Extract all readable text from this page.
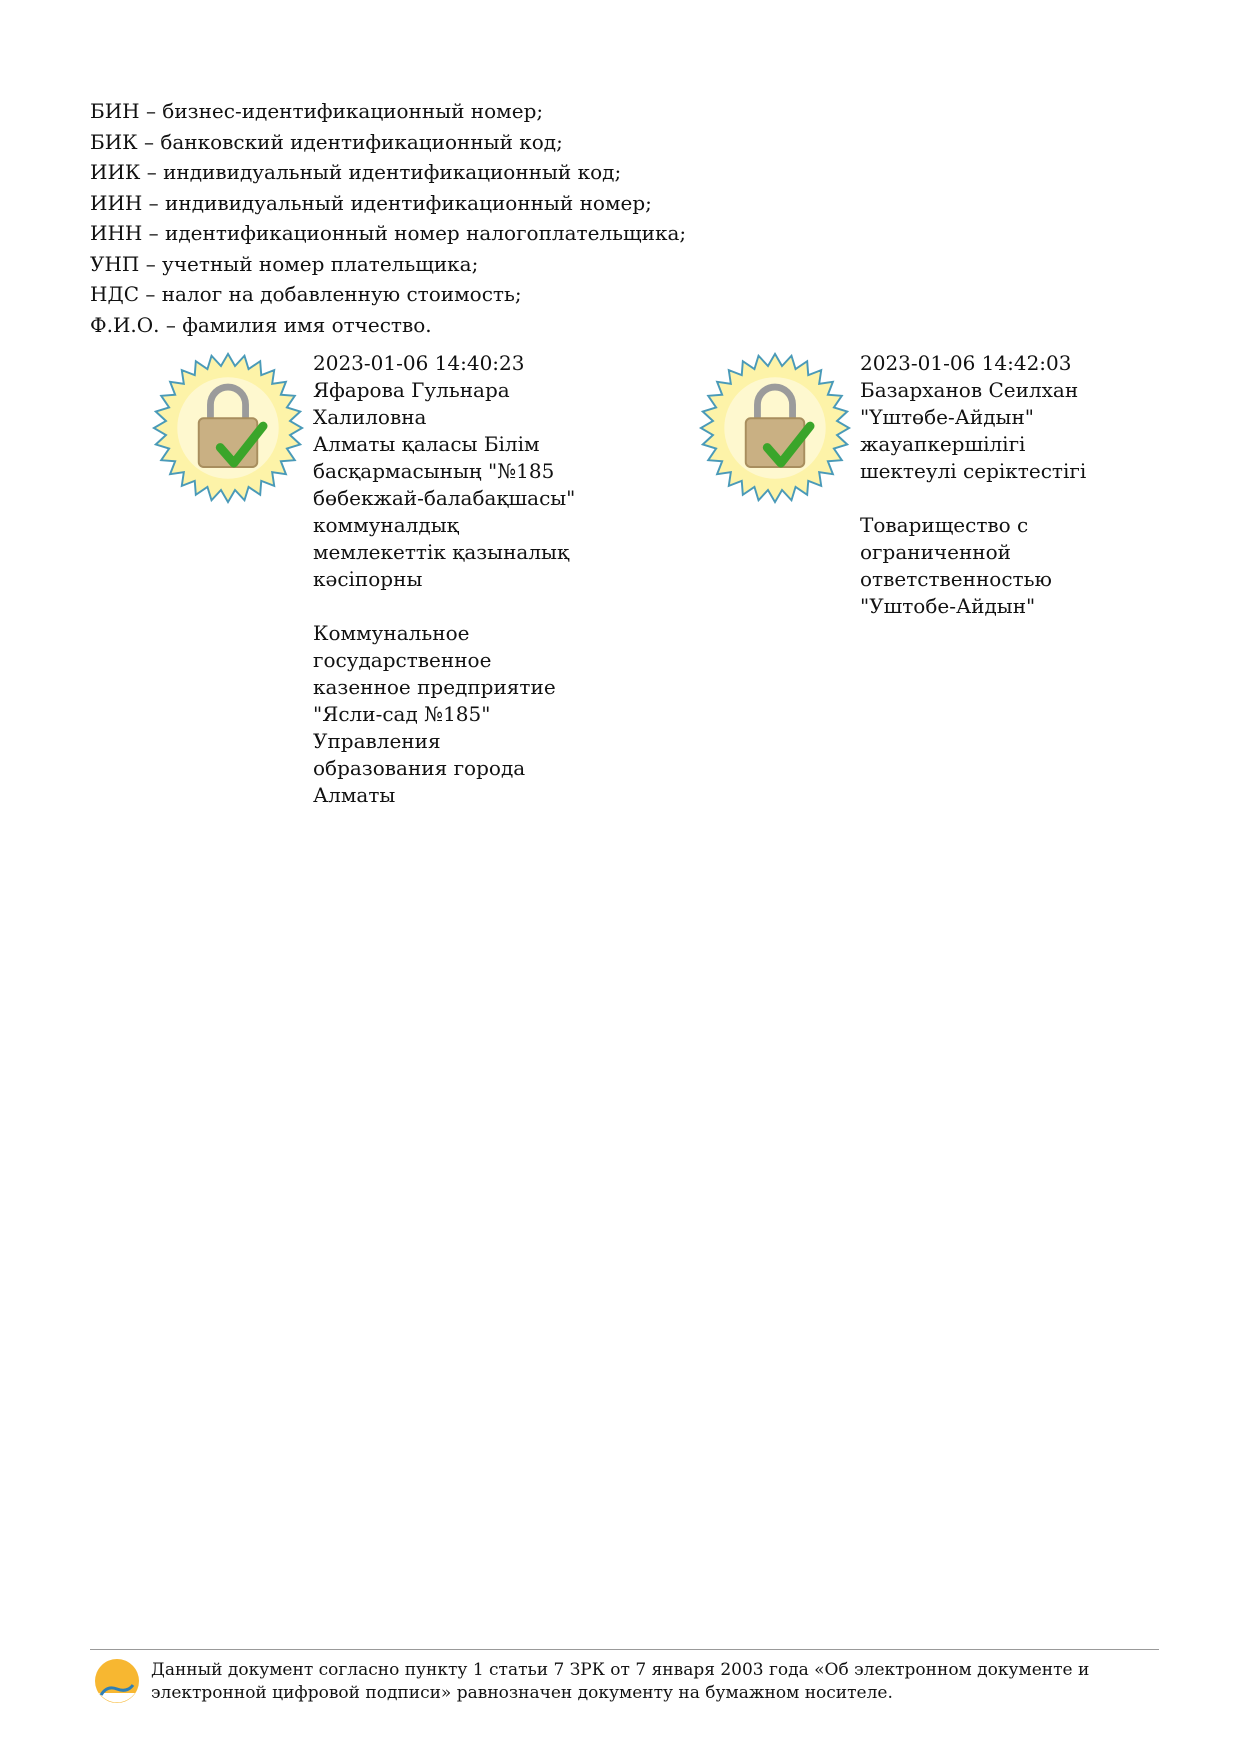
БИН – бизнес-идентификационный номер;
БИК – банковский идентификационный код;
ИИК – индивидуальный идентификационный код;
ИИН – индивидуальный идентификационный номер;
ИНН – идентификационный номер налогоплательщика;
УНП – учетный номер плательщика;
НДС – налог на добавленную стоимость;
Ф.И.О. – фамилия имя отчество.
2023-01-06 14:40:23
Яфарова Гульнара
Халиловна
Алматы қаласы Білім
басқармасының "№185
бөбекжай-балабақшасы"
коммуналдық
мемлекеттік қазыналық
кәсіпорны
Коммунальное
государственное
казенное предприятие
"Ясли-сад №185"
Управления
образования города
Алматы
2023-01-06 14:42:03
Базарханов Сеилхан
"Үштөбе-Айдын"
жауапкершілігі
шектеулі серіктестігі
Товарищество с
ограниченной
ответственностью
"Уштобе-Айдын"
Данный документ согласно пункту 1 статьи 7 ЗРК от 7 января 2003 года «Об электронном документе и
электронной цифровой подписи» равнозначен документу на бумажном носителе.
